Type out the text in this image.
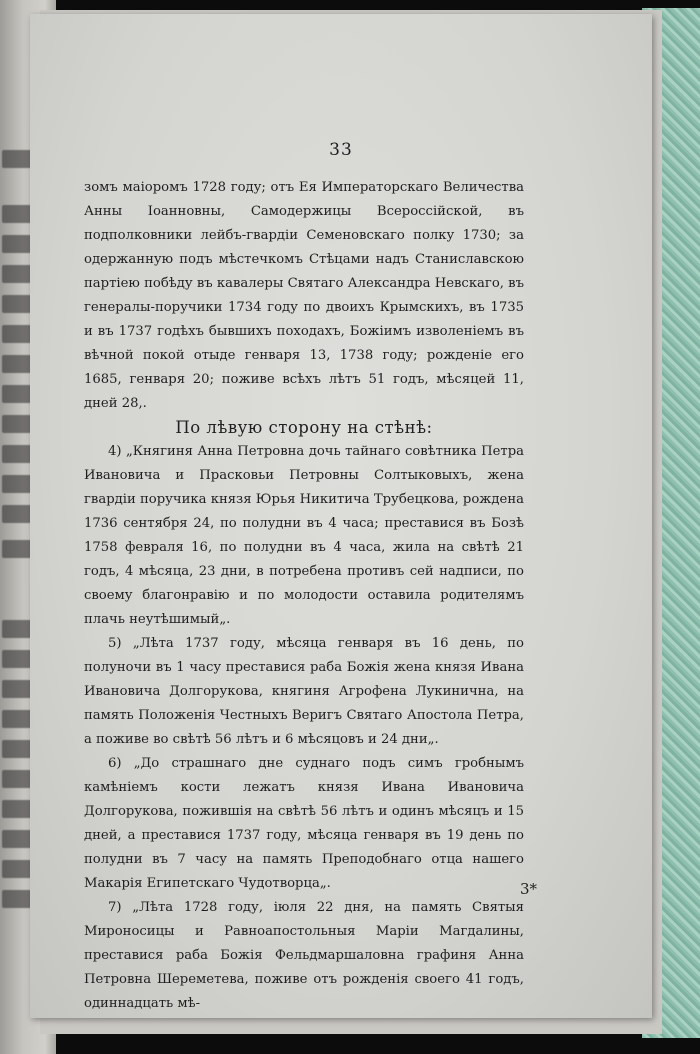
33

зомъ маіоромъ 1728 году; отъ Ея Императорскаго Величества Анны Іоанновны, Самодержицы Всероссійской, въ подполковники лейбъ-гвардіи Семеновскаго полку 1730; за одержанную подъ мѣстечкомъ Стѣцами надъ Станиславскою партіею побѣду въ кавалеры Святаго Александра Невскаго, въ генералы-поручики 1734 году по двоихъ Крымскихъ, въ 1735 и въ 1737 годѣхъ бывшихъ походахъ, Божіимъ изволеніемъ въ вѣчной покой отыде генваря 13, 1738 году; рожденіе его 1685, генваря 20; поживе всѣхъ лѣтъ 51 годъ, мѣсяцей 11, дней 28,.

По лѣвую сторону на стѣнѣ:

4) „Княгиня Анна Петровна дочь тайнаго совѣтника Петра Ивановича и Прасковьи Петровны Солтыковыхъ, жена гвардіи поручика князя Юрья Никитича Трубецкова, рождена 1736 сентября 24, по полудни въ 4 часа; преставися въ Бозѣ 1758 февраля 16, по полудни въ 4 часа, жила на свѣтѣ 21 годъ, 4 мѣсяца, 23 дни, в потребена противъ сей надписи, по своему благонравію и по молодости оставила родителямъ плачь неутѣшимый„.

5) „Лѣта 1737 году, мѣсяца генваря въ 16 день, по полуночи въ 1 часу преставися раба Божія жена князя Ивана Ивановича Долгорукова, княгиня Агрофена Лукинична, на память Положенія Честныхъ Веригъ Святаго Апостола Петра, а поживе во свѣтѣ 56 лѣтъ и 6 мѣсяцовъ и 24 дни„.

6) „До страшнаго дне суднаго подъ симъ гробнымъ камѣніемъ кости лежатъ князя Ивана Ивановича Долгорукова, пожившія на свѣтѣ 56 лѣтъ и одинъ мѣсяцъ и 15 дней, а преставися 1737 году, мѣсяца генваря въ 19 день по полудни въ 7 часу на память Преподобнаго отца нашего Макарія Египетскаго Чудотворца„.

7) „Лѣта 1728 году, іюля 22 дня, на память Святыя Мироносицы и Равноапостольныя Маріи Магдалины, преставися раба Божія Фельдмаршаловна графиня Анна Петровна Шереметева, поживе отъ рожденія своего 41 годъ, одиннадцать мѣ-

3*
